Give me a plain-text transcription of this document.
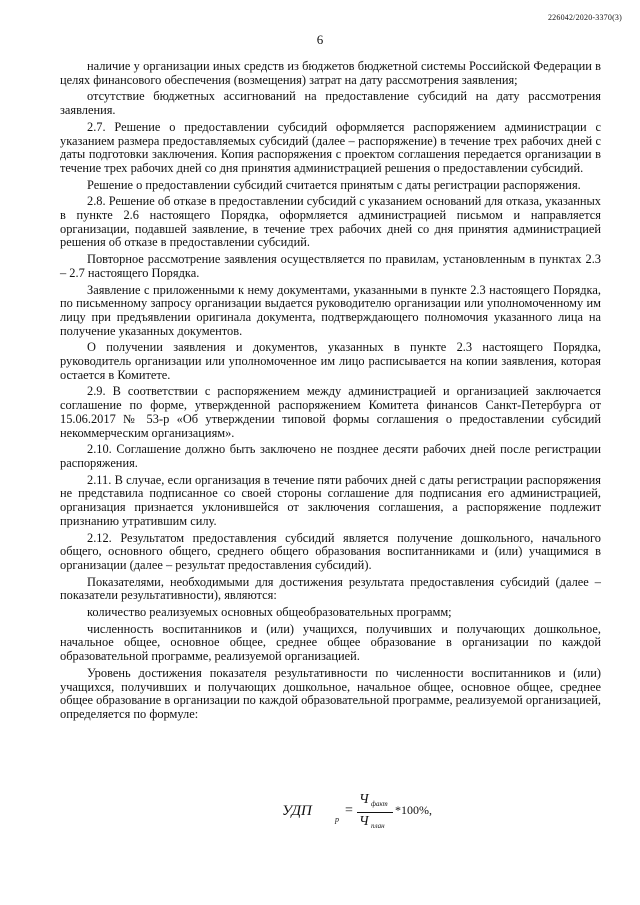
226042/2020-3370(3)
6

наличие у организации иных средств из бюджетов бюджетной системы Российской Федерации в целях финансового обеспечения (возмещения) затрат на дату рассмотрения заявления;

отсутствие бюджетных ассигнований на предоставление субсидий на дату рассмотрения заявления.

2.7. Решение о предоставлении субсидий оформляется распоряжением администрации с указанием размера предоставляемых субсидий (далее – распоряжение) в течение трех рабочих дней с даты подготовки заключения. Копия распоряжения с проектом соглашения передается организации в течение трех рабочих дней со дня принятия администрацией решения о предоставлении субсидий.

Решение о предоставлении субсидий считается принятым с даты регистрации распоряжения.

2.8. Решение об отказе в предоставлении субсидий с указанием оснований для отказа, указанных в пункте 2.6 настоящего Порядка, оформляется администрацией письмом и направляется организации, подавшей заявление, в течение трех рабочих дней со дня принятия администрацией решения об отказе в предоставлении субсидий.

Повторное рассмотрение заявления осуществляется по правилам, установленным в пунктах 2.3 – 2.7 настоящего Порядка.

Заявление с приложенными к нему документами, указанными в пункте 2.3 настоящего Порядка, по письменному запросу организации выдается руководителю организации или уполномоченному им лицу при предъявлении оригинала документа, подтверждающего полномочия указанного лица на получение указанных документов.

О получении заявления и документов, указанных в пункте 2.3 настоящего Порядка, руководитель организации или уполномоченное им лицо расписывается на копии заявления, которая остается в Комитете.

2.9. В соответствии с распоряжением между администрацией и организацией заключается соглашение по форме, утвержденной распоряжением Комитета финансов Санкт-Петербурга от 15.06.2017 № 53-р «Об утверждении типовой формы соглашения о предоставлении субсидий некоммерческим организациям».

2.10. Соглашение должно быть заключено не позднее десяти рабочих дней после регистрации распоряжения.

2.11. В случае, если организация в течение пяти рабочих дней с даты регистрации распоряжения не представила подписанное со своей стороны соглашение для подписания его администрацией, организация признается уклонившейся от заключения соглашения, а распоряжение подлежит признанию утратившим силу.

2.12. Результатом предоставления субсидий является получение дошкольного, начального общего, основного общего, среднего общего образования воспитанниками и (или) учащимися в организации (далее – результат предоставления субсидий).

Показателями, необходимыми для достижения результата предоставления субсидий (далее – показатели результативности), являются:

количество реализуемых основных общеобразовательных программ;

численность воспитанников и (или) учащихся, получивших и получающих дошкольное, начальное общее, основное общее, среднее общее образование в организации по каждой образовательной программе, реализуемой организацией.

Уровень достижения показателя результативности по численности воспитанников и (или) учащихся, получивших и получающих дошкольное, начальное общее, основное общее, среднее общее образование в организации по каждой образовательной программе, реализуемой организацией, определяется по формуле:

УДП
р
=
Ч факт
Ч план
*100%,
